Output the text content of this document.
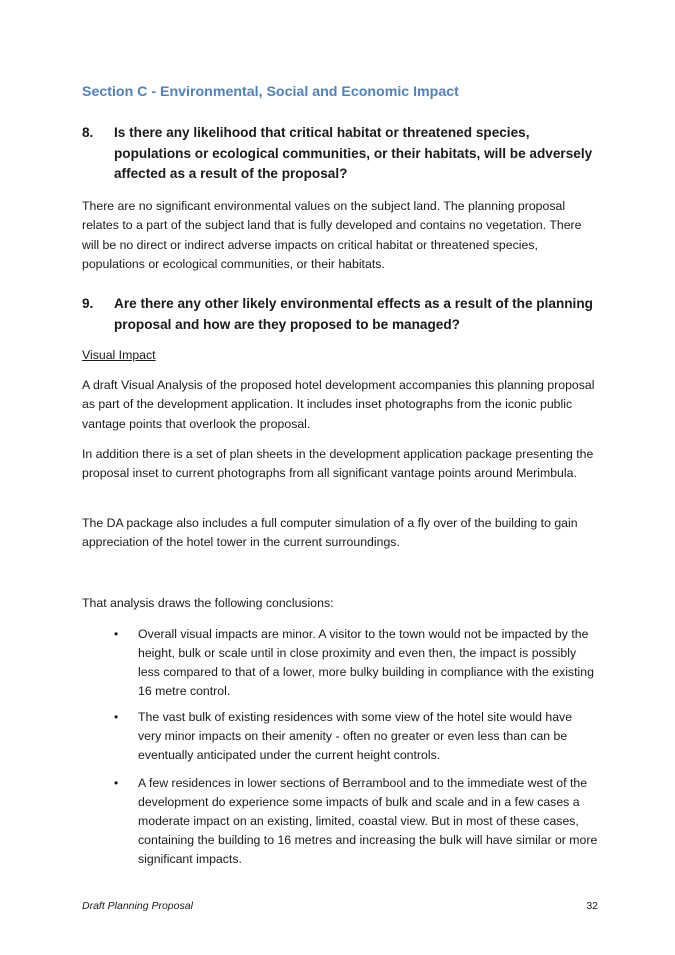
Section C - Environmental, Social and Economic Impact
8.	Is there any likelihood that critical habitat or threatened species, populations or ecological communities, or their habitats, will be adversely affected as a result of the proposal?

There are no significant environmental values on the subject land. The planning proposal relates to a part of the subject land that is fully developed and contains no vegetation. There will be no direct or indirect adverse impacts on critical habitat or threatened species, populations or ecological communities, or their habitats.

9.	Are there any other likely environmental effects as a result of the planning proposal and how are they proposed to be managed?

Visual Impact

A draft Visual Analysis of the proposed hotel development accompanies this planning proposal as part of the development application. It includes inset photographs from the iconic public vantage points that overlook the proposal.

In addition there is a set of plan sheets in the development application package presenting the proposal inset to current photographs from all significant vantage points around Merimbula.

The DA package also includes a full computer simulation of a fly over of the building to gain appreciation of the hotel tower in the current surroundings.

That analysis draws the following conclusions:

• Overall visual impacts are minor. A visitor to the town would not be impacted by the height, bulk or scale until in close proximity and even then, the impact is possibly less compared to that of a lower, more bulky building in compliance with the existing 16 metre control.
• The vast bulk of existing residences with some view of the hotel site would have very minor impacts on their amenity - often no greater or even less than can be eventually anticipated under the current height controls.
• A few residences in lower sections of Berrambool and to the immediate west of the development do experience some impacts of bulk and scale and in a few cases a moderate impact on an existing, limited, coastal view. But in most of these cases, containing the building to 16 metres and increasing the bulk will have similar or more significant impacts.
Draft Planning Proposal	32
